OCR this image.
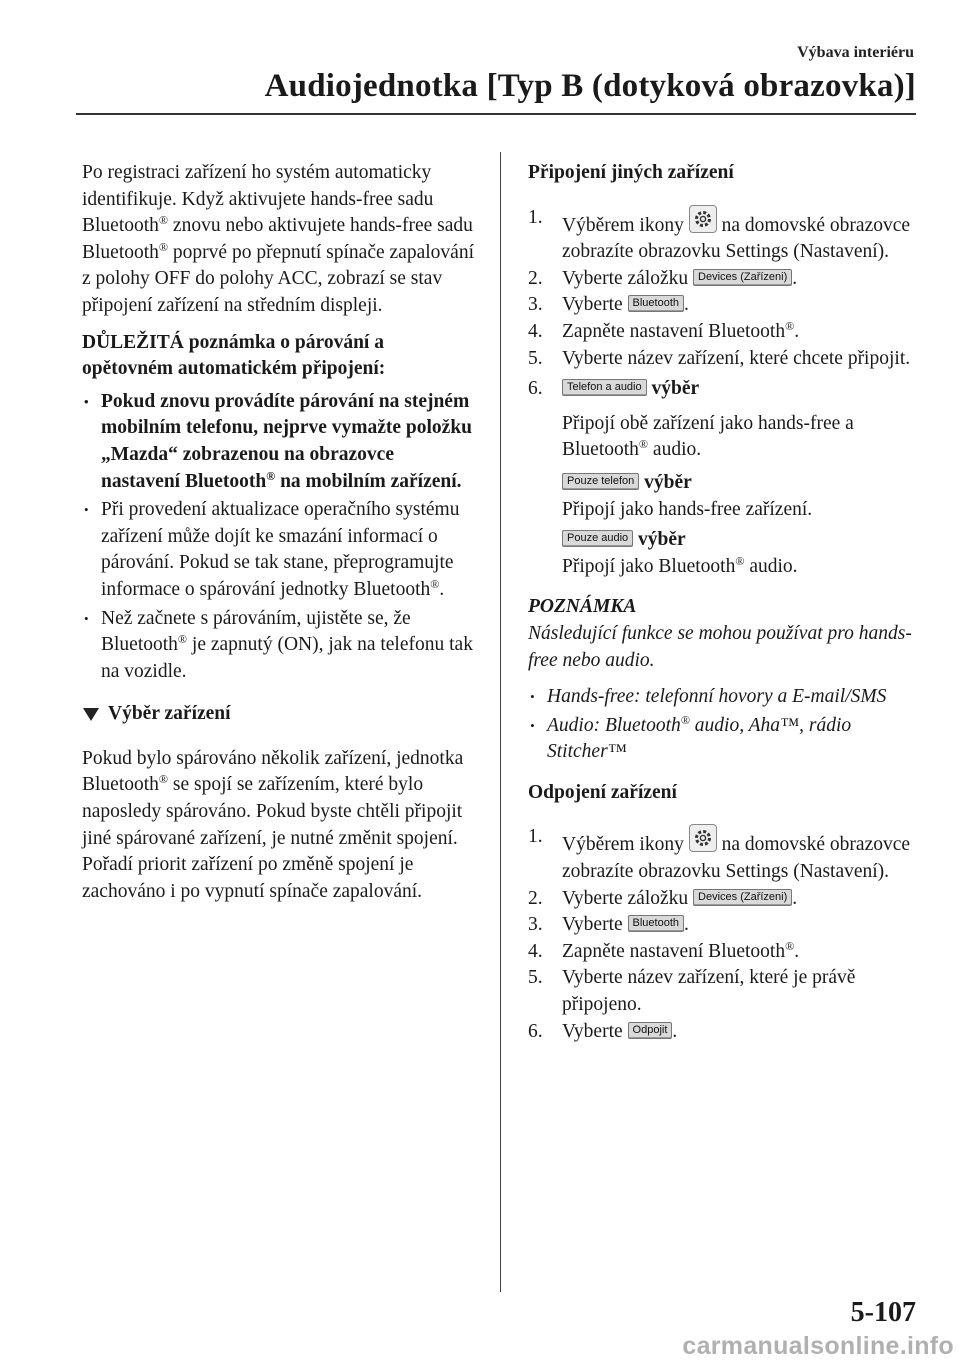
Výbava interiéru
Audiojednotka [Typ B (dotyková obrazovka)]

Po registraci zařízení ho systém automaticky identifikuje. Když aktivujete hands-free sadu Bluetooth® znovu nebo aktivujete hands-free sadu Bluetooth® poprvé po přepnutí spínače zapalování z polohy OFF do polohy ACC, zobrazí se stav připojení zařízení na středním displeji.

DŮLEŽITÁ poznámka o párování a opětovném automatickém připojení:

• Pokud znovu provádíte párování na stejném mobilním telefonu, nejprve vymažte položku „Mazda“ zobrazenou na obrazovce nastavení Bluetooth® na mobilním zařízení.
• Při provedení aktualizace operačního systému zařízení může dojít ke smazání informací o párování. Pokud se tak stane, přeprogramujte informace o spárování jednotky Bluetooth®.
• Než začnete s párováním, ujistěte se, že Bluetooth® je zapnutý (ON), jak na telefonu tak na vozidle.
Výběr zařízení

Pokud bylo spárováno několik zařízení, jednotka Bluetooth® se spojí se zařízením, které bylo naposledy spárováno. Pokud byste chtěli připojit jiné spárované zařízení, je nutné změnit spojení. Pořadí priorit zařízení po změně spojení je zachováno i po vypnutí spínače zapalování.

Připojení jiných zařízení
1. Výběrem ikony
na domovské obrazovce zobrazíte obrazovku Settings (Nastavení).
2. Vyberte záložku Devices (Zařízeni) .
3. Vyberte Bluetooth .
4. Zapněte nastavení Bluetooth®.
5. Vyberte název zařízení, které chcete připojit.
6. Telefon a audio výběr
Připojí obě zařízení jako hands-free a Bluetooth® audio.
Pouze telefon výběr
Připojí jako hands-free zařízení.
Pouze audio výběr
Připojí jako Bluetooth® audio.
POZNÁMKA

Následující funkce se mohou používat pro hands-free nebo audio.

• Hands-free: telefonní hovory a E-mail/SMS
• Audio: Bluetooth® audio, Aha™, rádio Stitcher™
Odpojení zařízení
1. Výběrem ikony
na domovské obrazovce zobrazíte obrazovku Settings (Nastavení).
2. Vyberte záložku Devices (Zařízeni) .
3. Vyberte Bluetooth .
4. Zapněte nastavení Bluetooth®.
5. Vyberte název zařízení, které je právě připojeno.
6. Vyberte Odpojit .
5-107
carmanualsonline.info
